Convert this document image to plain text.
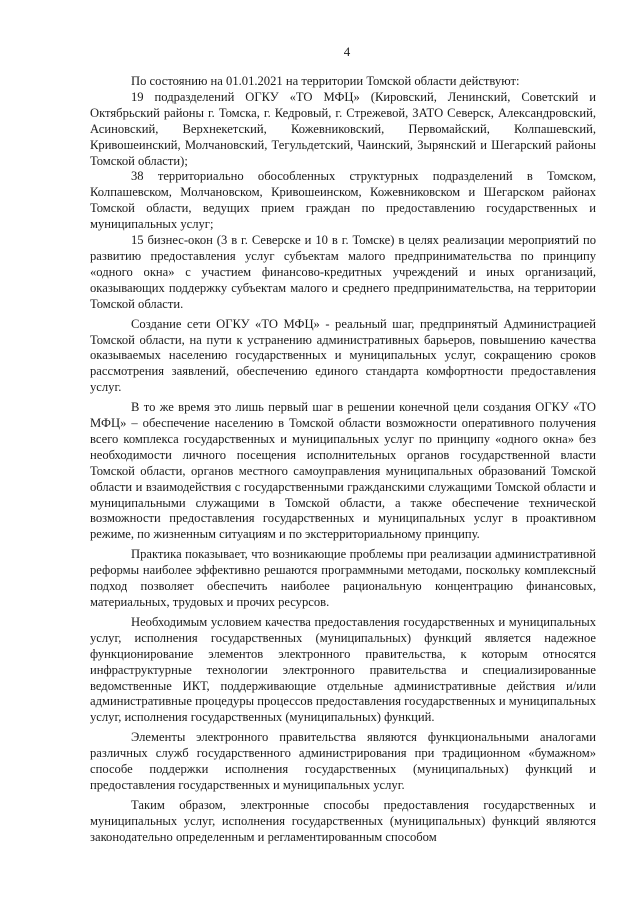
4

По состоянию на 01.01.2021 на территории Томской области действуют:

19 подразделений ОГКУ «ТО МФЦ» (Кировский, Ленинский, Советский и Октябрьский районы г. Томска, г. Кедровый, г. Стрежевой, ЗАТО Северск, Александровский, Асиновский, Верхнекетский, Кожевниковский, Первомайский, Колпашевский, Кривошеинский, Молчановский, Тегульдетский, Чаинский, Зырянский и Шегарский районы Томской области);

38 территориально обособленных структурных подразделений в Томском, Колпашевском, Молчановском, Кривошеинском, Кожевниковском и Шегарском районах Томской области, ведущих прием граждан по предоставлению государственных и муниципальных услуг;

15 бизнес-окон (3 в г. Северске и 10 в г. Томске) в целях реализации мероприятий по развитию предоставления услуг субъектам малого предпринимательства по принципу «одного окна» с участием финансово-кредитных учреждений и иных организаций, оказывающих поддержку субъектам малого и среднего предпринимательства, на территории Томской области.

Создание сети ОГКУ «ТО МФЦ» - реальный шаг, предпринятый Администрацией Томской области, на пути к устранению административных барьеров, повышению качества оказываемых населению государственных и муниципальных услуг, сокращению сроков рассмотрения заявлений, обеспечению единого стандарта комфортности предоставления услуг.

В то же время это лишь первый шаг в решении конечной цели создания ОГКУ «ТО МФЦ» – обеспечение населению в Томской области возможности оперативного получения всего комплекса государственных и муниципальных услуг по принципу «одного окна» без необходимости личного посещения исполнительных органов государственной власти Томской области, органов местного самоуправления муниципальных образований Томской области и взаимодействия с государственными гражданскими служащими Томской области и муниципальными служащими в Томской области, а также обеспечение технической возможности предоставления государственных и муниципальных услуг в проактивном режиме, по жизненным ситуациям и по экстерриториальному принципу.

Практика показывает, что возникающие проблемы при реализации административной реформы наиболее эффективно решаются программными методами, поскольку комплексный подход позволяет обеспечить наиболее рациональную концентрацию финансовых, материальных, трудовых и прочих ресурсов.

Необходимым условием качества предоставления государственных и муниципальных услуг, исполнения государственных (муниципальных) функций является надежное функционирование элементов электронного правительства, к которым относятся инфраструктурные технологии электронного правительства и специализированные ведомственные ИКТ, поддерживающие отдельные административные действия и/или административные процедуры процессов предоставления государственных и муниципальных услуг, исполнения государственных (муниципальных) функций.

Элементы электронного правительства являются функциональными аналогами различных служб государственного администрирования при традиционном «бумажном» способе поддержки исполнения государственных (муниципальных) функций и предоставления государственных и муниципальных услуг.

Таким образом, электронные способы предоставления государственных и муниципальных услуг, исполнения государственных (муниципальных) функций являются законодательно определенным и регламентированным способом
